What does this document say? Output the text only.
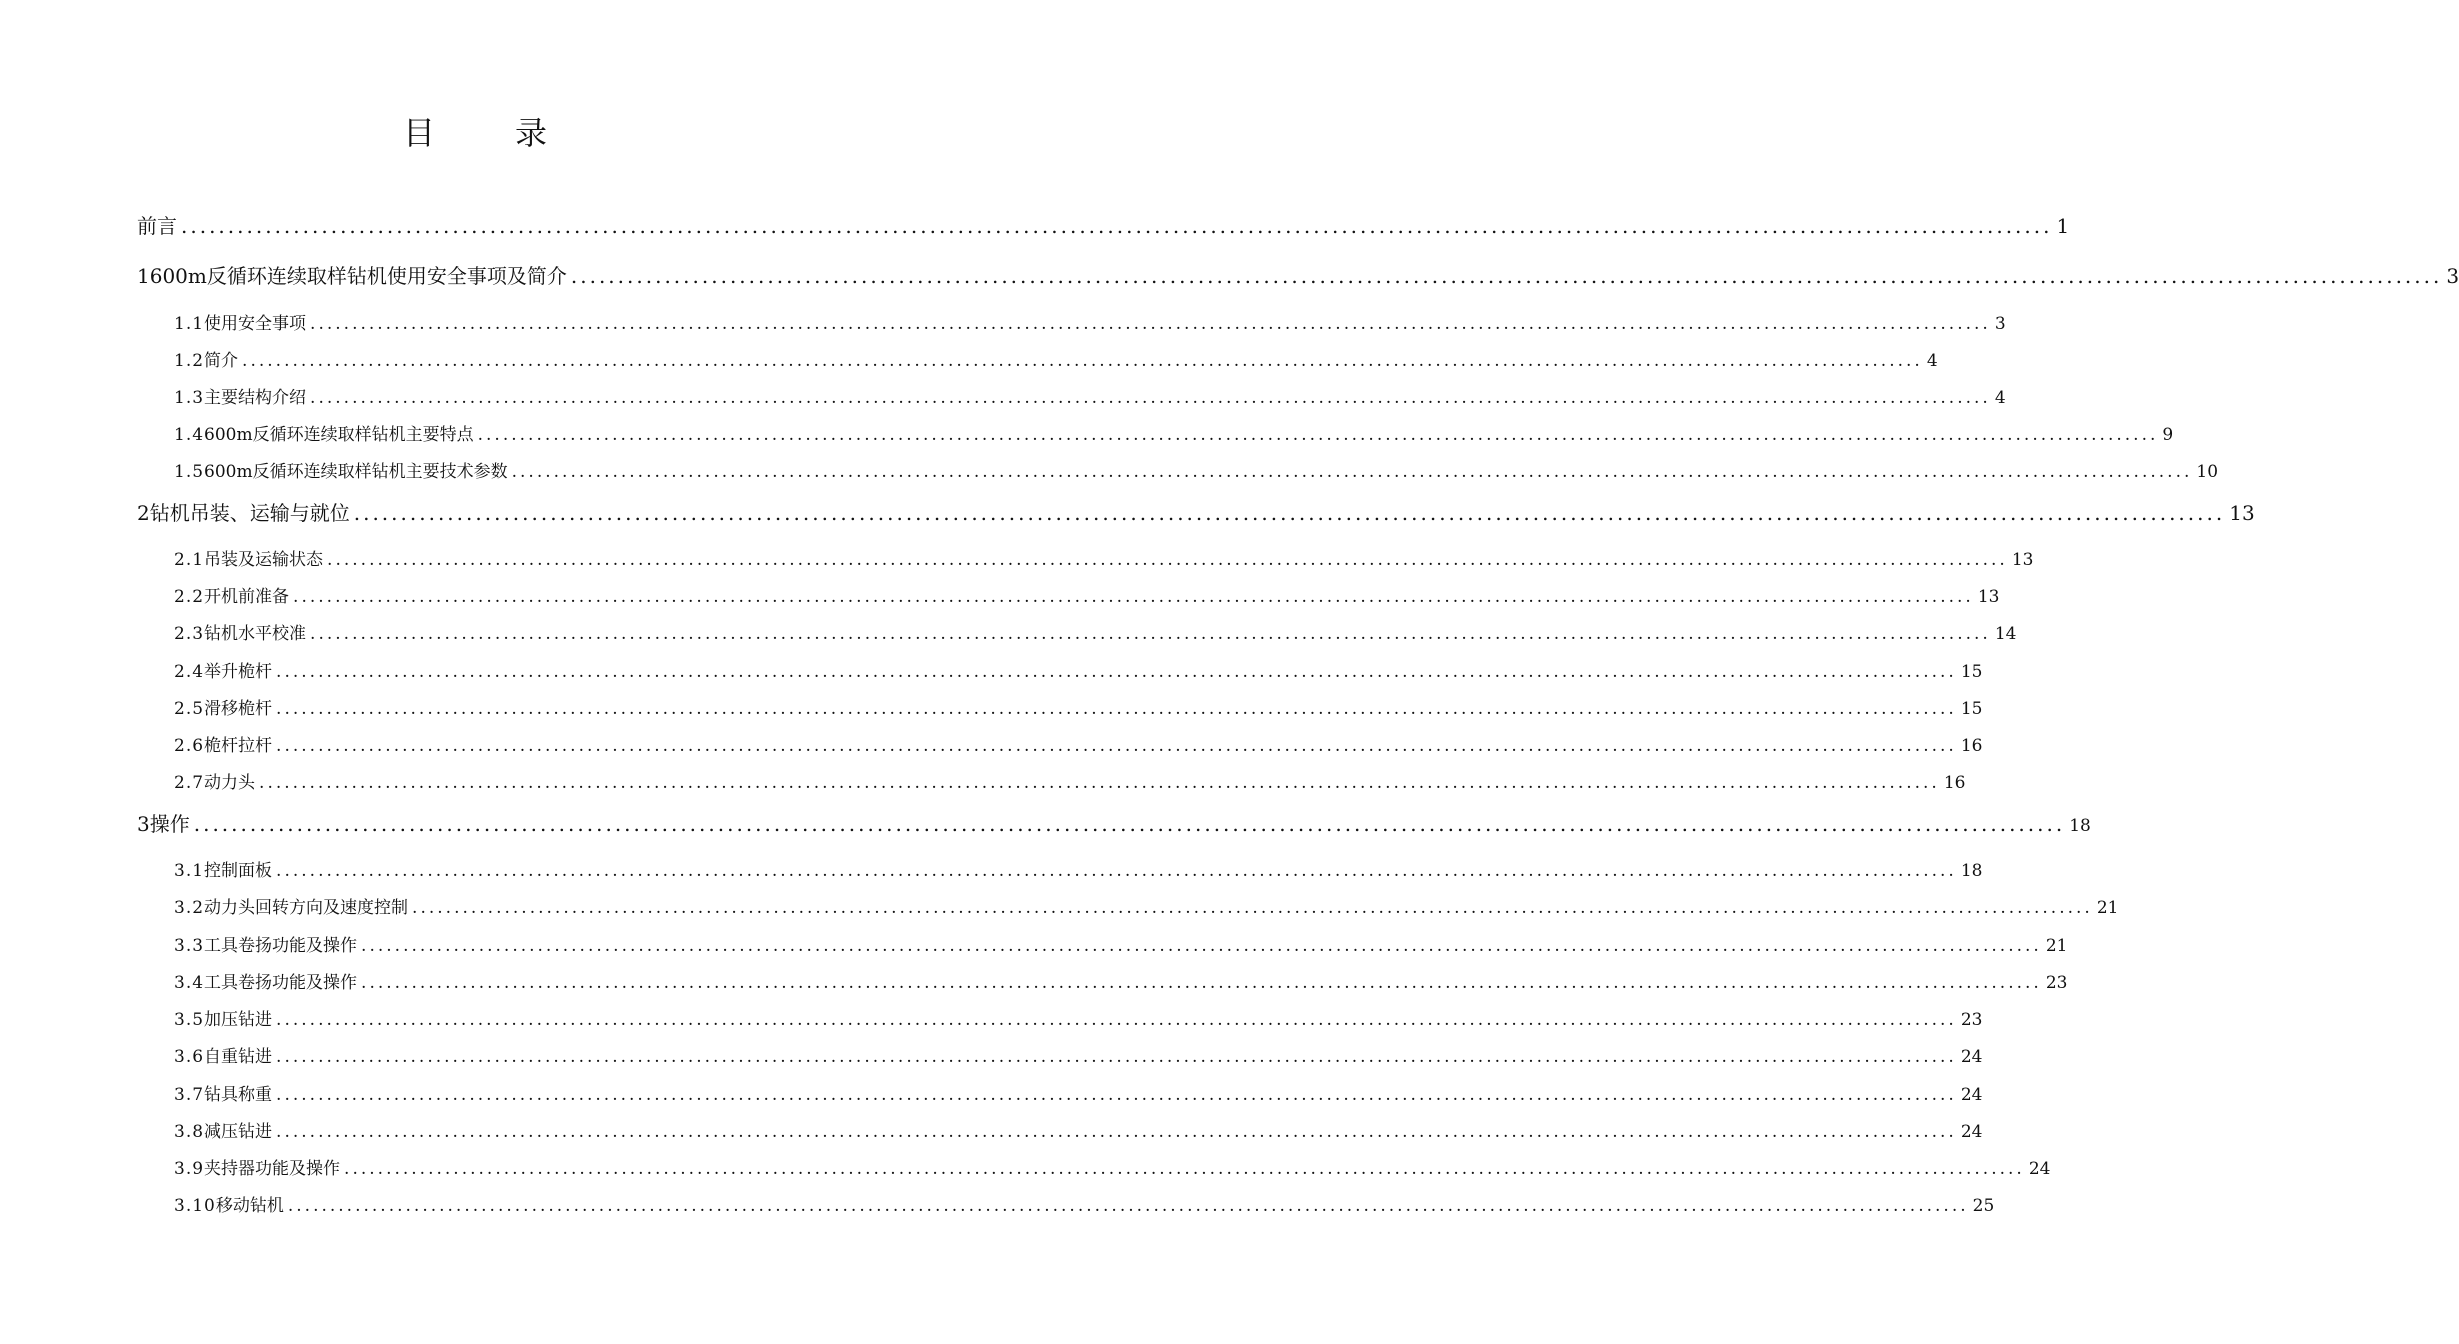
目录
前 言 ........................................................................................................................................................................................................ 1
1 600m反循环连续取样钻机使用安全事项及简介 ........................................................................................................................................................................................................ 3
1.1 使用安全事项 ........................................................................................................................................................................................................ 3
1.2 简介 ........................................................................................................................................................................................................ 4
1.3 主要结构介绍 ........................................................................................................................................................................................................ 4
1.4 600m反循环连续取样钻机主要特点 ........................................................................................................................................................................................................ 9
1.5 600m反循环连续取样钻机主要技术参数 ........................................................................................................................................................................................................ 10
2 钻机吊装、运输与就位 ........................................................................................................................................................................................................ 13
2.1 吊装及运输状态 ........................................................................................................................................................................................................ 13
2.2 开机前准备 ........................................................................................................................................................................................................ 13
2.3 钻机水平校准 ........................................................................................................................................................................................................ 14
2.4 举升桅杆 ........................................................................................................................................................................................................ 15
2.5 滑移桅杆 ........................................................................................................................................................................................................ 15
2.6 桅杆拉杆 ........................................................................................................................................................................................................ 16
2.7 动力头 ........................................................................................................................................................................................................ 16
3 操作 ........................................................................................................................................................................................................ 18
3.1 控制面板 ........................................................................................................................................................................................................ 18
3.2 动力头回转方向及速度控制 ........................................................................................................................................................................................................ 21
3.3 工具卷扬功能及操作 ........................................................................................................................................................................................................ 21
3.4 工具卷扬功能及操作 ........................................................................................................................................................................................................ 23
3.5 加压钻进 ........................................................................................................................................................................................................ 23
3.6 自重钻进 ........................................................................................................................................................................................................ 24
3.7 钻具称重 ........................................................................................................................................................................................................ 24
3.8 减压钻进 ........................................................................................................................................................................................................ 24
3.9 夹持器功能及操作 ........................................................................................................................................................................................................ 24
3.10 移动钻机 ........................................................................................................................................................................................................ 25
